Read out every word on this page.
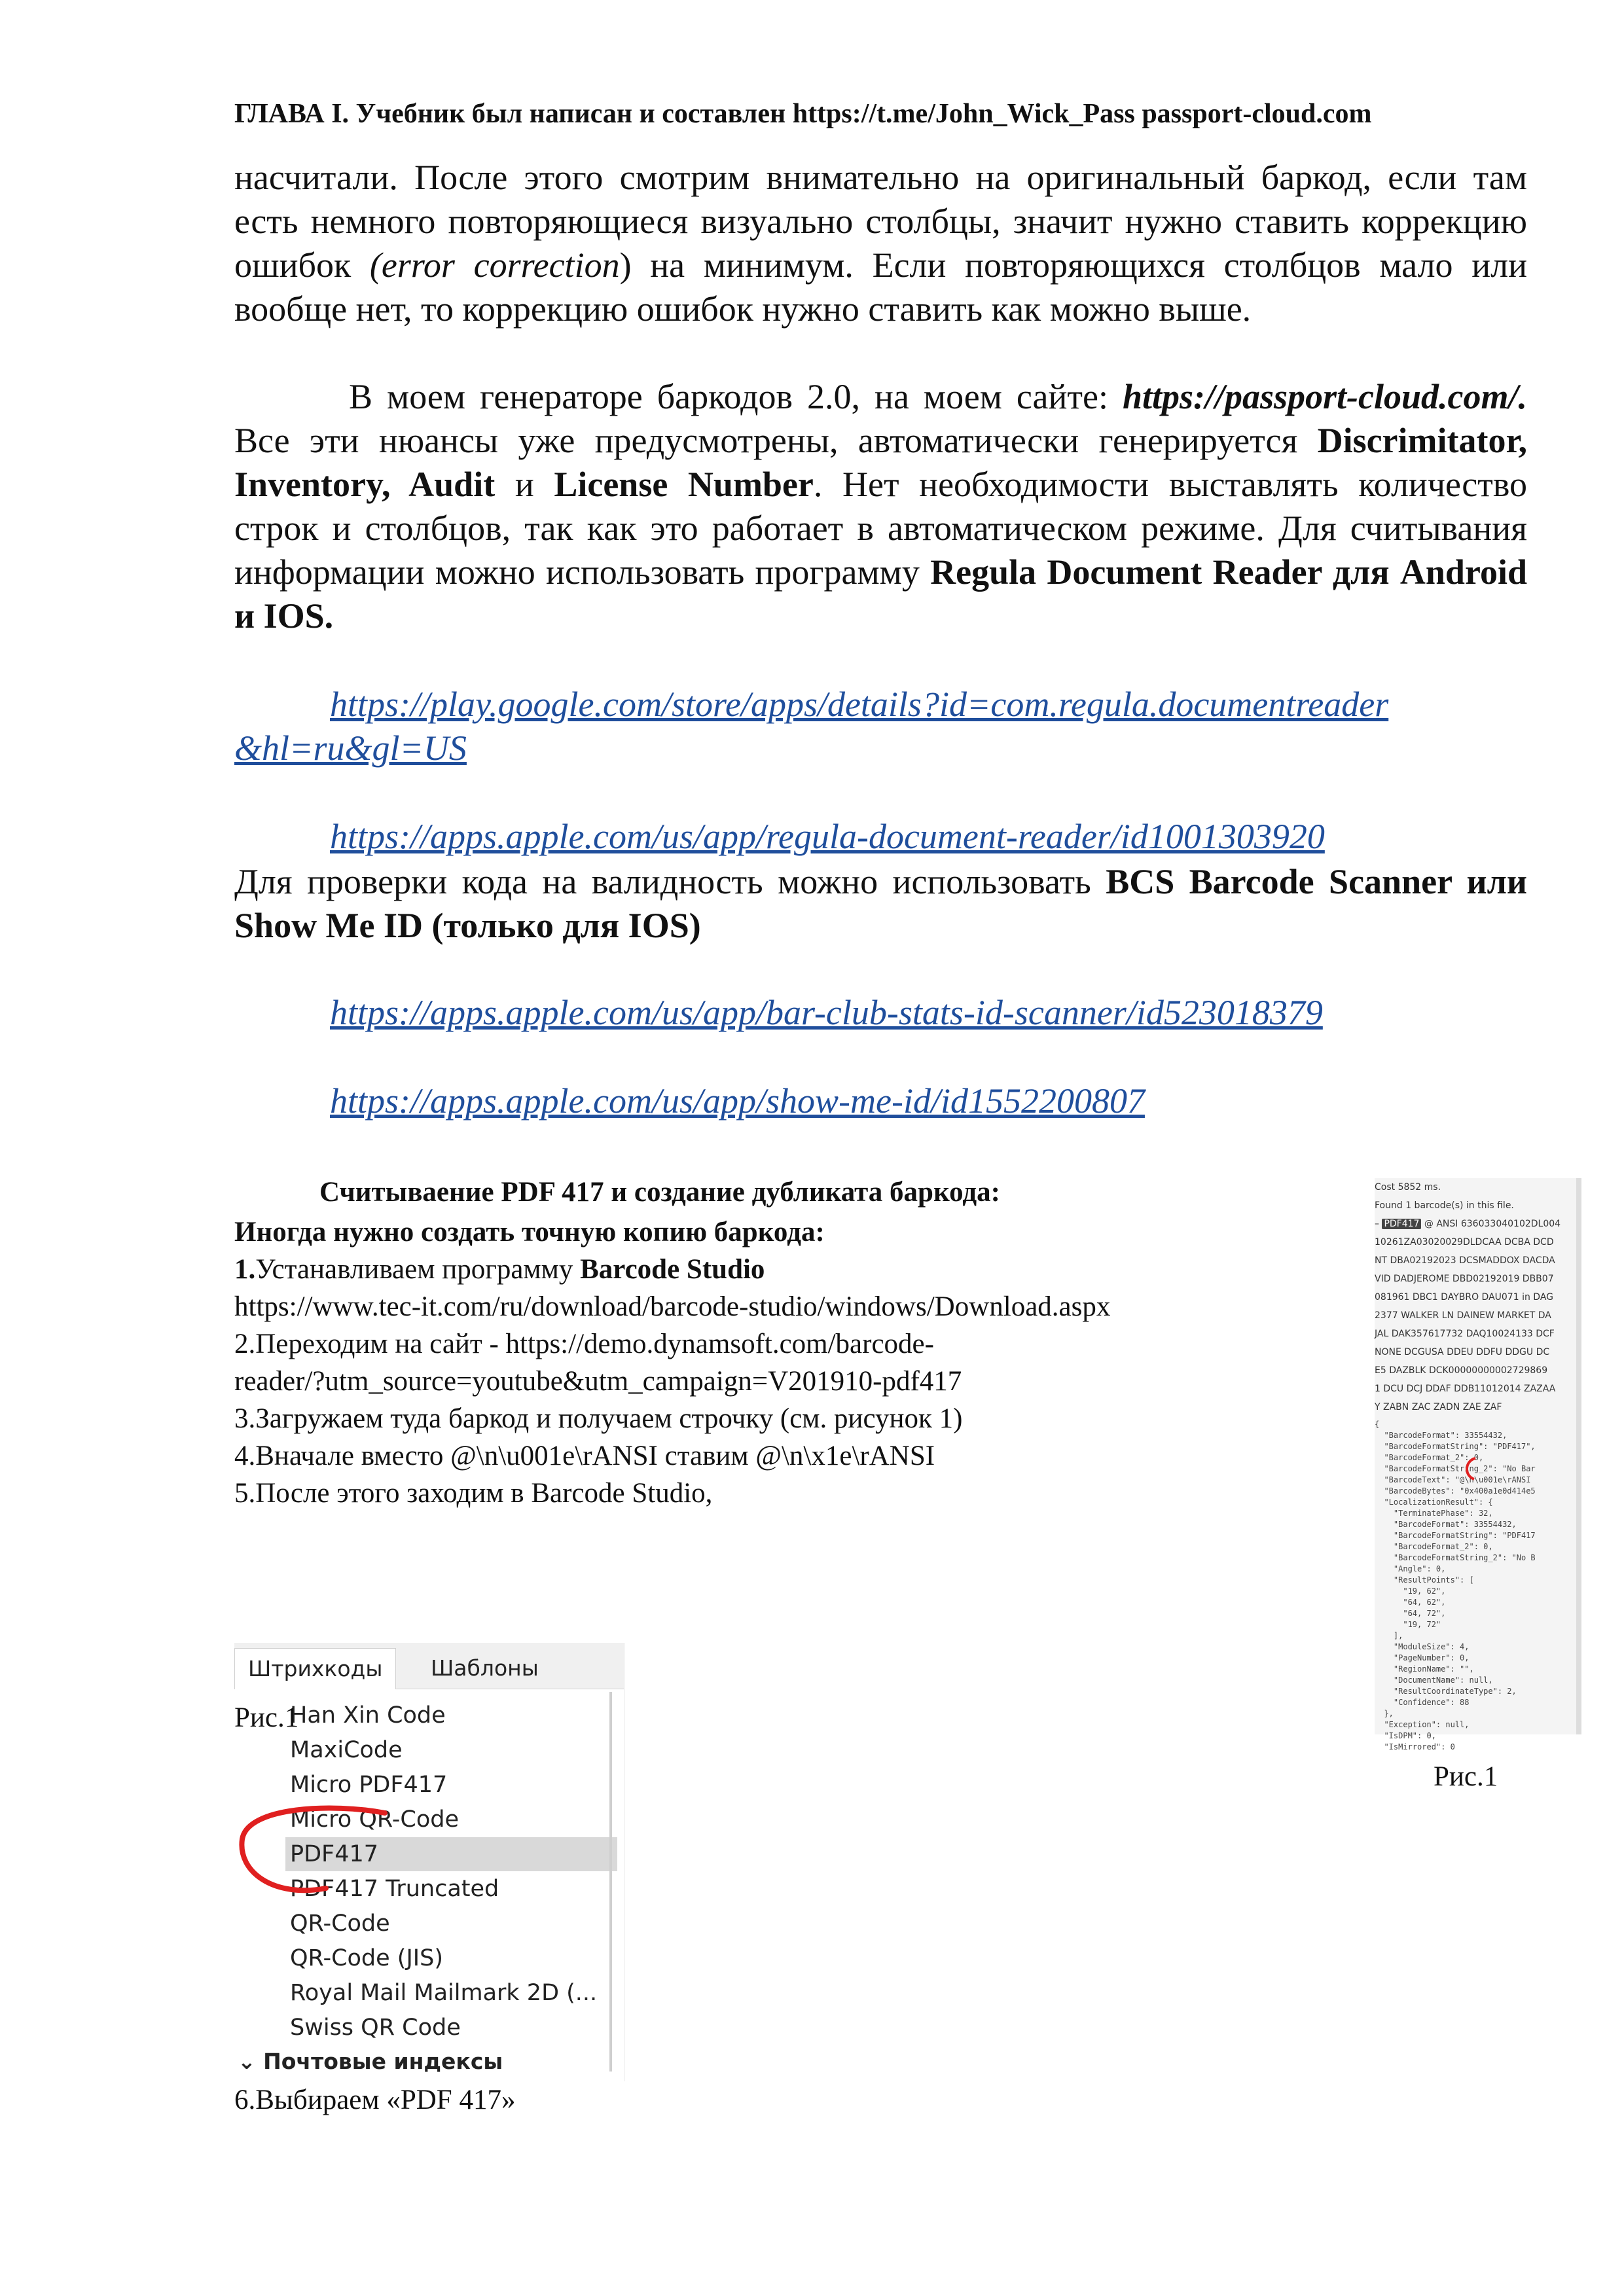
ГЛАВА I. Учебник был написан и составлен https://t.me/John_Wick_Pass passport-cloud.com

насчитали. После этого смотрим внимательно на оригинальный баркод, если там есть немного повторяющиеся визуально столбцы, значит нужно ставить коррекцию ошибок (error correction) на минимум. Если повторяющихся столбцов мало или вообще нет, то коррекцию ошибок нужно ставить как можно выше.

В моем генераторе баркодов 2.0, на моем сайте: https://passport-cloud.com/. Все эти нюансы уже предусмотрены, автоматически генерируется Discrimitator, Inventory, Audit и License Number. Нет необходимости выставлять количество строк и столбцов, так как это работает в автоматическом режиме. Для считывания информации можно использовать программу Regula Document Reader для Android и IOS.

https://play.google.com/store/apps/details?id=com.regula.documentreader
&hl=ru&gl=US
https://apps.apple.com/us/app/regula-document-reader/id1001303920

Для проверки кода на валидность можно использовать BCS Barcode Scanner или Show Me ID (только для IOS)

https://apps.apple.com/us/app/bar-club-stats-id-scanner/id523018379
https://apps.apple.com/us/app/show-me-id/id1552200807
Считываение PDF 417 и создание дубликата баркода:

Иногда нужно создать точную копию баркода:

1.Устанавливаем программу Barcode Studio

https://www.tec-it.com/ru/download/barcode-studio/windows/Download.aspx

2.Переходим на сайт - https://demo.dynamsoft.com/barcode-

reader/?utm_source=youtube&utm_campaign=V201910-pdf417

3.Загружаем туда баркод и получаем строчку (см. рисунок 1)

4.Вначале вместо @\n\u001e\rANSI ставим @\n\x1e\rANSI

5.После этого заходим в Barcode Studio,

Cost 5852 ms.
Found 1 barcode(s) in this file.
– PDF417 @ ANSI 636033040102DL004
10261ZA03020029DLDCAA DCBA DCD
NT DBA02192023 DCSMADDOX DACDA
VID DADJEROME DBD02192019 DBB07
081961 DBC1 DAYBRO DAU071 in DAG
2377 WALKER LN DAINEW MARKET DA
JAL DAK357617732 DAQ10024133 DCF
NONE DCGUSA DDEU DDFU DDGU DC
E5 DAZBLK DCK00000000002729869
1 DCU DCJ DDAF DDB11012014 ZAZAA
Y ZABN ZAC ZADN ZAE ZAF
{
"BarcodeFormat": 33554432,
"BarcodeFormatString": "PDF417",
"BarcodeFormat_2": 0,
"BarcodeFormatString_2": "No Bar
"BarcodeText": "@\n\u001e\rANSI
"BarcodeBytes": "0x400a1e0d414e5
"LocalizationResult": {
"TerminatePhase": 32,
"BarcodeFormat": 33554432,
"BarcodeFormatString": "PDF417
"BarcodeFormat_2": 0,
"BarcodeFormatString_2": "No B
"Angle": 0,
"ResultPoints": [
"19, 62",
"64, 62",
"64, 72",
"19, 72"
],
"ModuleSize": 4,
"PageNumber": 0,
"RegionName": "",
"DocumentName": null,
"ResultCoordinateType": 2,
"Confidence": 88
},
"Exception": null,
"IsDPM": 0,
"IsMirrored": 0
Рис.1
Штрихкоды	Шаблоны
Han Xin Code
MaxiCode
Micro PDF417
Micro QR-Code
PDF417
PDF417 Truncated
QR-Code
QR-Code (JIS)
Royal Mail Mailmark 2D (...
Swiss QR Code
⌄ Почтовые индексы
Рис.1
6.Выбираем «PDF 417»
